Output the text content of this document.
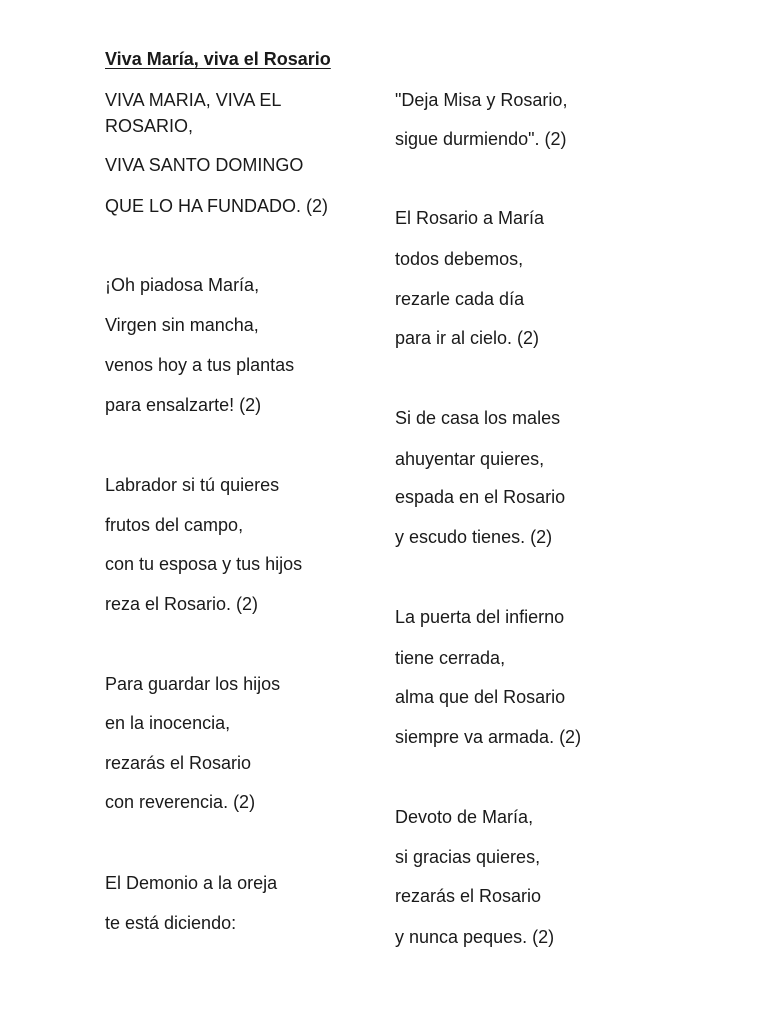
Viva María, viva el Rosario
VIVA MARIA, VIVA EL
ROSARIO,
VIVA SANTO DOMINGO
QUE LO HA FUNDADO. (2)
¡Oh piadosa María,
Virgen sin mancha,
venos hoy a tus plantas
para ensalzarte! (2)
Labrador si tú quieres
frutos del campo,
con tu esposa y tus hijos
reza el Rosario. (2)
Para guardar los hijos
en la inocencia,
rezarás el Rosario
con reverencia. (2)
El Demonio a la oreja
te está diciendo:
"Deja Misa y Rosario,
sigue durmiendo". (2)
El Rosario a María
todos debemos,
rezarle cada día
para ir al cielo. (2)
Si de casa los males
ahuyentar quieres,
espada en el Rosario
y escudo tienes. (2)
La puerta del infierno
tiene cerrada,
alma que del Rosario
siempre va armada. (2)
Devoto de María,
si gracias quieres,
rezarás el Rosario
y nunca peques. (2)
